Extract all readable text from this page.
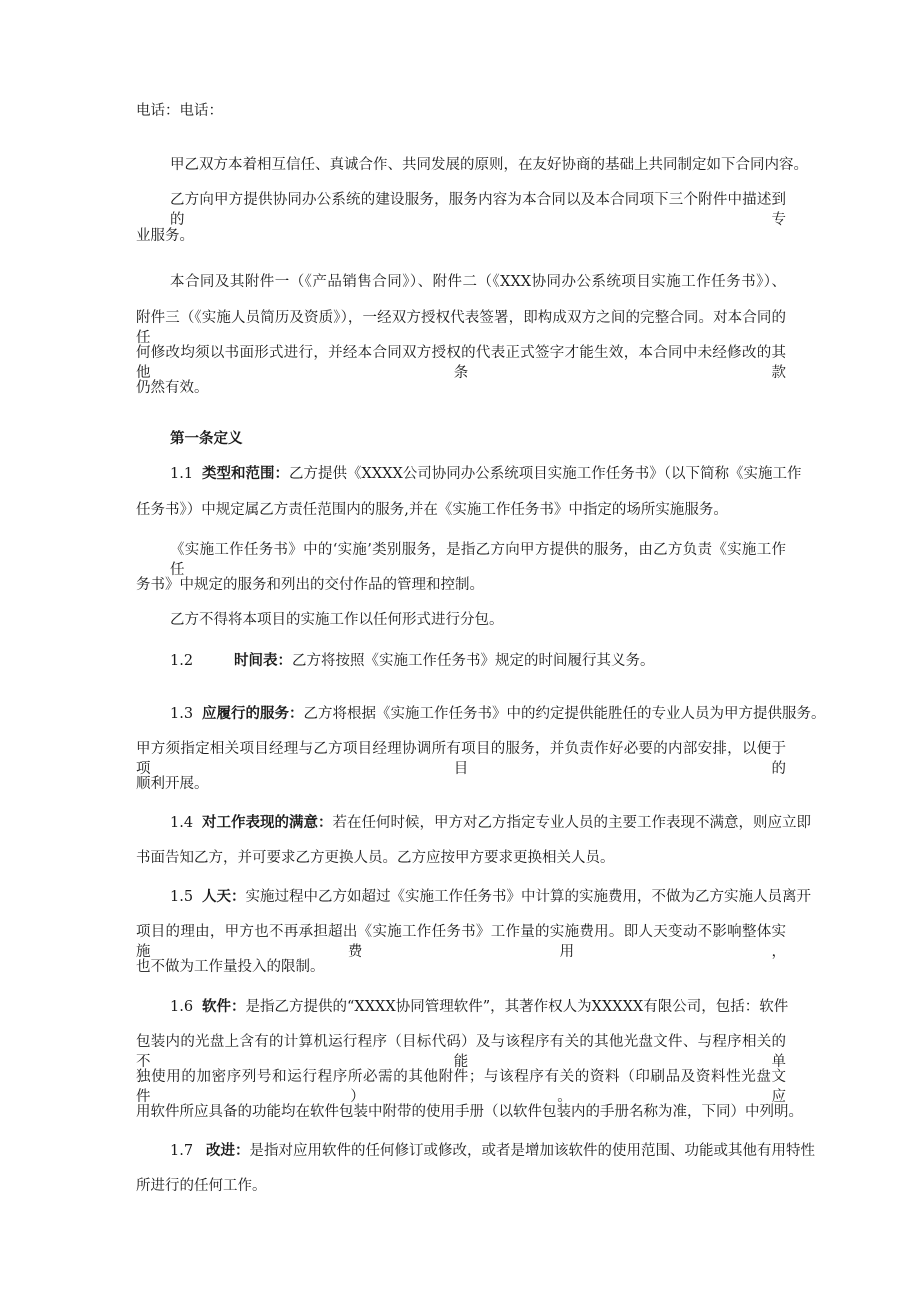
电话：电话：
甲乙双方本着相互信任、真诚合作、共同发展的原则，在友好协商的基础上共同制定如下合同内容。
乙方向甲方提供协同办公系统的建设服务，服务内容为本合同以及本合同项下三个附件中描述到的专
业服务。
本合同及其附件一（《产品销售合同》）、附件二（《XXX协同办公系统项目实施工作任务书》）、
附件三（《实施人员简历及资质》），一经双方授权代表签署，即构成双方之间的完整合同。对本合同的任
何修改均须以书面形式进行，并经本合同双方授权的代表正式签字才能生效，本合同中未经修改的其他条款
仍然有效。
第一条定义
1.1 类型和范围：乙方提供《XXXX公司协同办公系统项目实施工作任务书》（以下简称《实施工作
任务书》）中规定属乙方责任范围内的服务,并在《实施工作任务书》中指定的场所实施服务。
《实施工作任务书》中的‘实施’类别服务，是指乙方向甲方提供的服务，由乙方负责《实施工作任
务书》中规定的服务和列出的交付作品的管理和控制。
乙方不得将本项目的实施工作以任何形式进行分包。
1.2	时间表：乙方将按照《实施工作任务书》规定的时间履行其义务。
1.3 应履行的服务：乙方将根据《实施工作任务书》中的约定提供能胜任的专业人员为甲方提供服务。
甲方须指定相关项目经理与乙方项目经理协调所有项目的服务，并负责作好必要的内部安排，以便于项目的
顺利开展。
1.4 对工作表现的满意：若在任何时候，甲方对乙方指定专业人员的主要工作表现不满意，则应立即
书面告知乙方，并可要求乙方更换人员。乙方应按甲方要求更换相关人员。
1.5 人天：实施过程中乙方如超过《实施工作任务书》中计算的实施费用，不做为乙方实施人员离开
项目的理由，甲方也不再承担超出《实施工作任务书》工作量的实施费用。即人天变动不影响整体实施费用，
也不做为工作量投入的限制。
1.6 软件：是指乙方提供的“XXXX协同管理软件”，其著作权人为XXXXX有限公司，包括：软件
包装内的光盘上含有的计算机运行程序（目标代码）及与该程序有关的其他光盘文件、与程序相关的不能单
独使用的加密序列号和运行程序所必需的其他附件；与该程序有关的资料（印刷品及资料性光盘文件）。应
用软件所应具备的功能均在软件包装中附带的使用手册（以软件包装内的手册名称为准，下同）中列明。
1.7 改进：是指对应用软件的任何修订或修改，或者是增加该软件的使用范围、功能或其他有用特性
所进行的任何工作。
